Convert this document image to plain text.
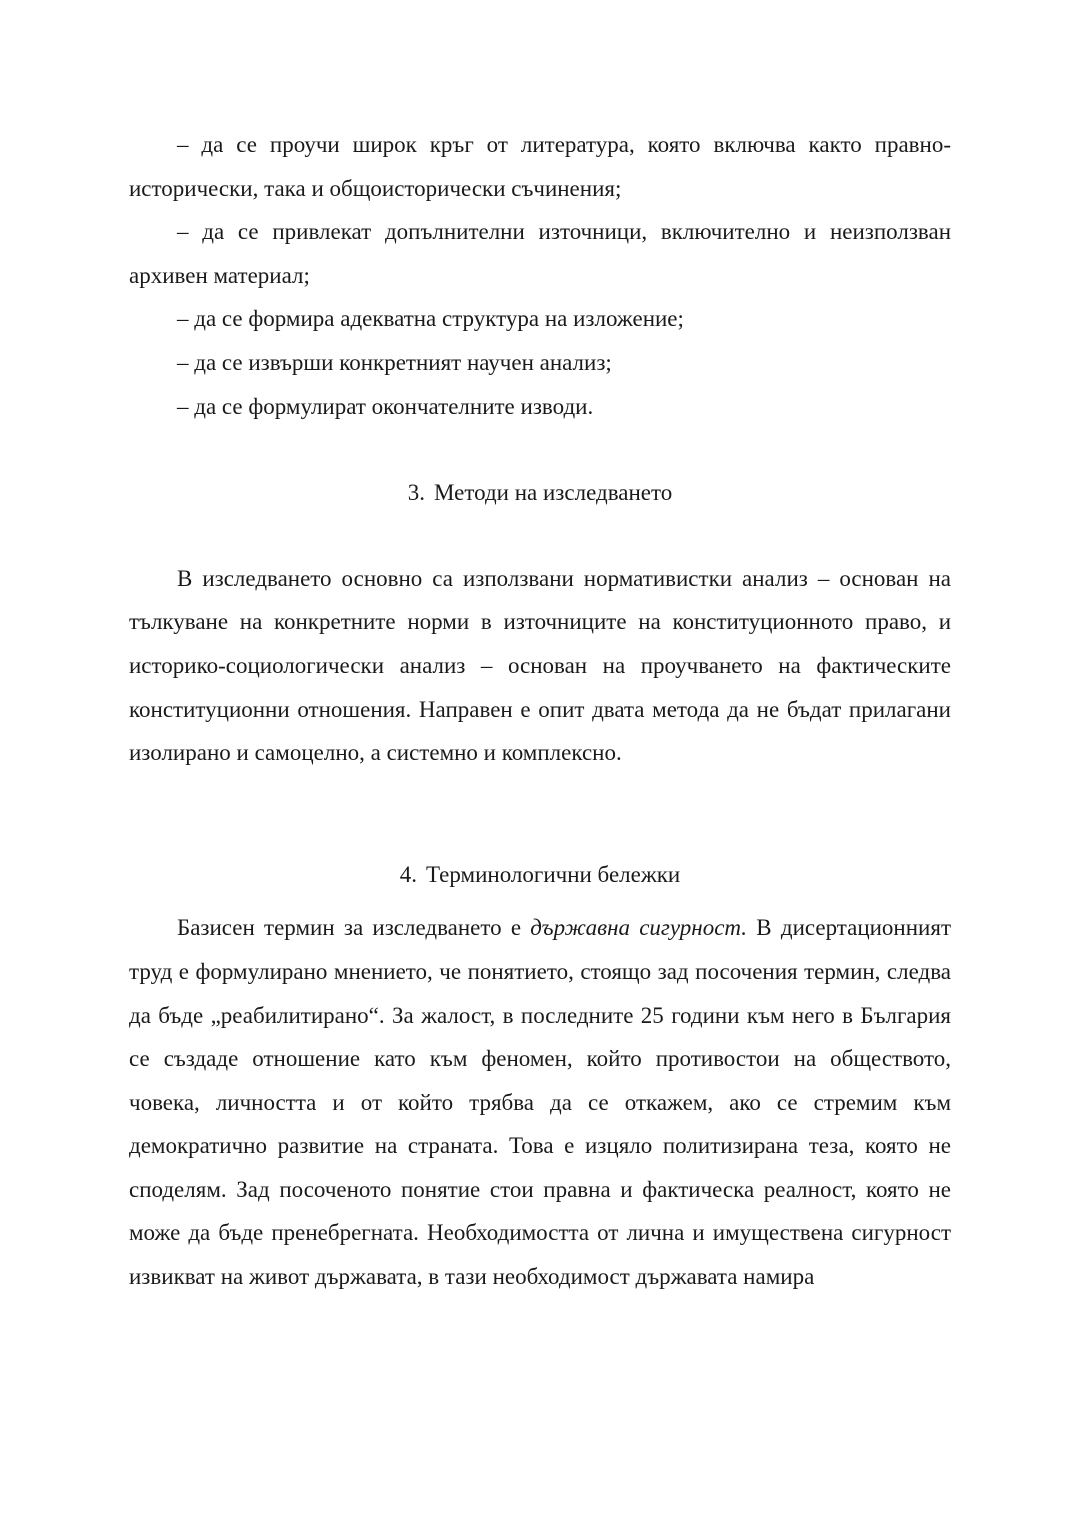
– да се проучи широк кръг от литература, която включва както правно-исторически, така и общоисторически съчинения;

– да се привлекат допълнителни източници, включително и неизползван архивен материал;

– да се формира адекватна структура на изложение;

– да се извърши конкретният научен анализ;

– да се формулират окончателните изводи.

3. Методи на изследването

В изследването основно са използвани нормативистки анализ – основан на тълкуване на конкретните норми в източниците на конституционното право, и историко-социологически анализ – основан на проучването на фактическите конституционни отношения. Направен е опит двата метода да не бъдат прилагани изолирано и самоцелно, а системно и комплексно.

4. Терминологични бележки

Базисен термин за изследването е държавна сигурност. В дисертационният труд е формулирано мнението, че понятието, стоящо зад посочения термин, следва да бъде „реабилитирано“. За жалост, в последните 25 години към него в България се създаде отношение като към феномен, който противостои на обществото, човека, личността и от който трябва да се откажем, ако се стремим към демократично развитие на страната. Това е изцяло политизирана теза, която не споделям. Зад посоченото понятие стои правна и фактическа реалност, която не може да бъде пренебрегната. Необходимостта от лична и имуществена сигурност извикват на живот държавата, в тази необходимост държавата намира
